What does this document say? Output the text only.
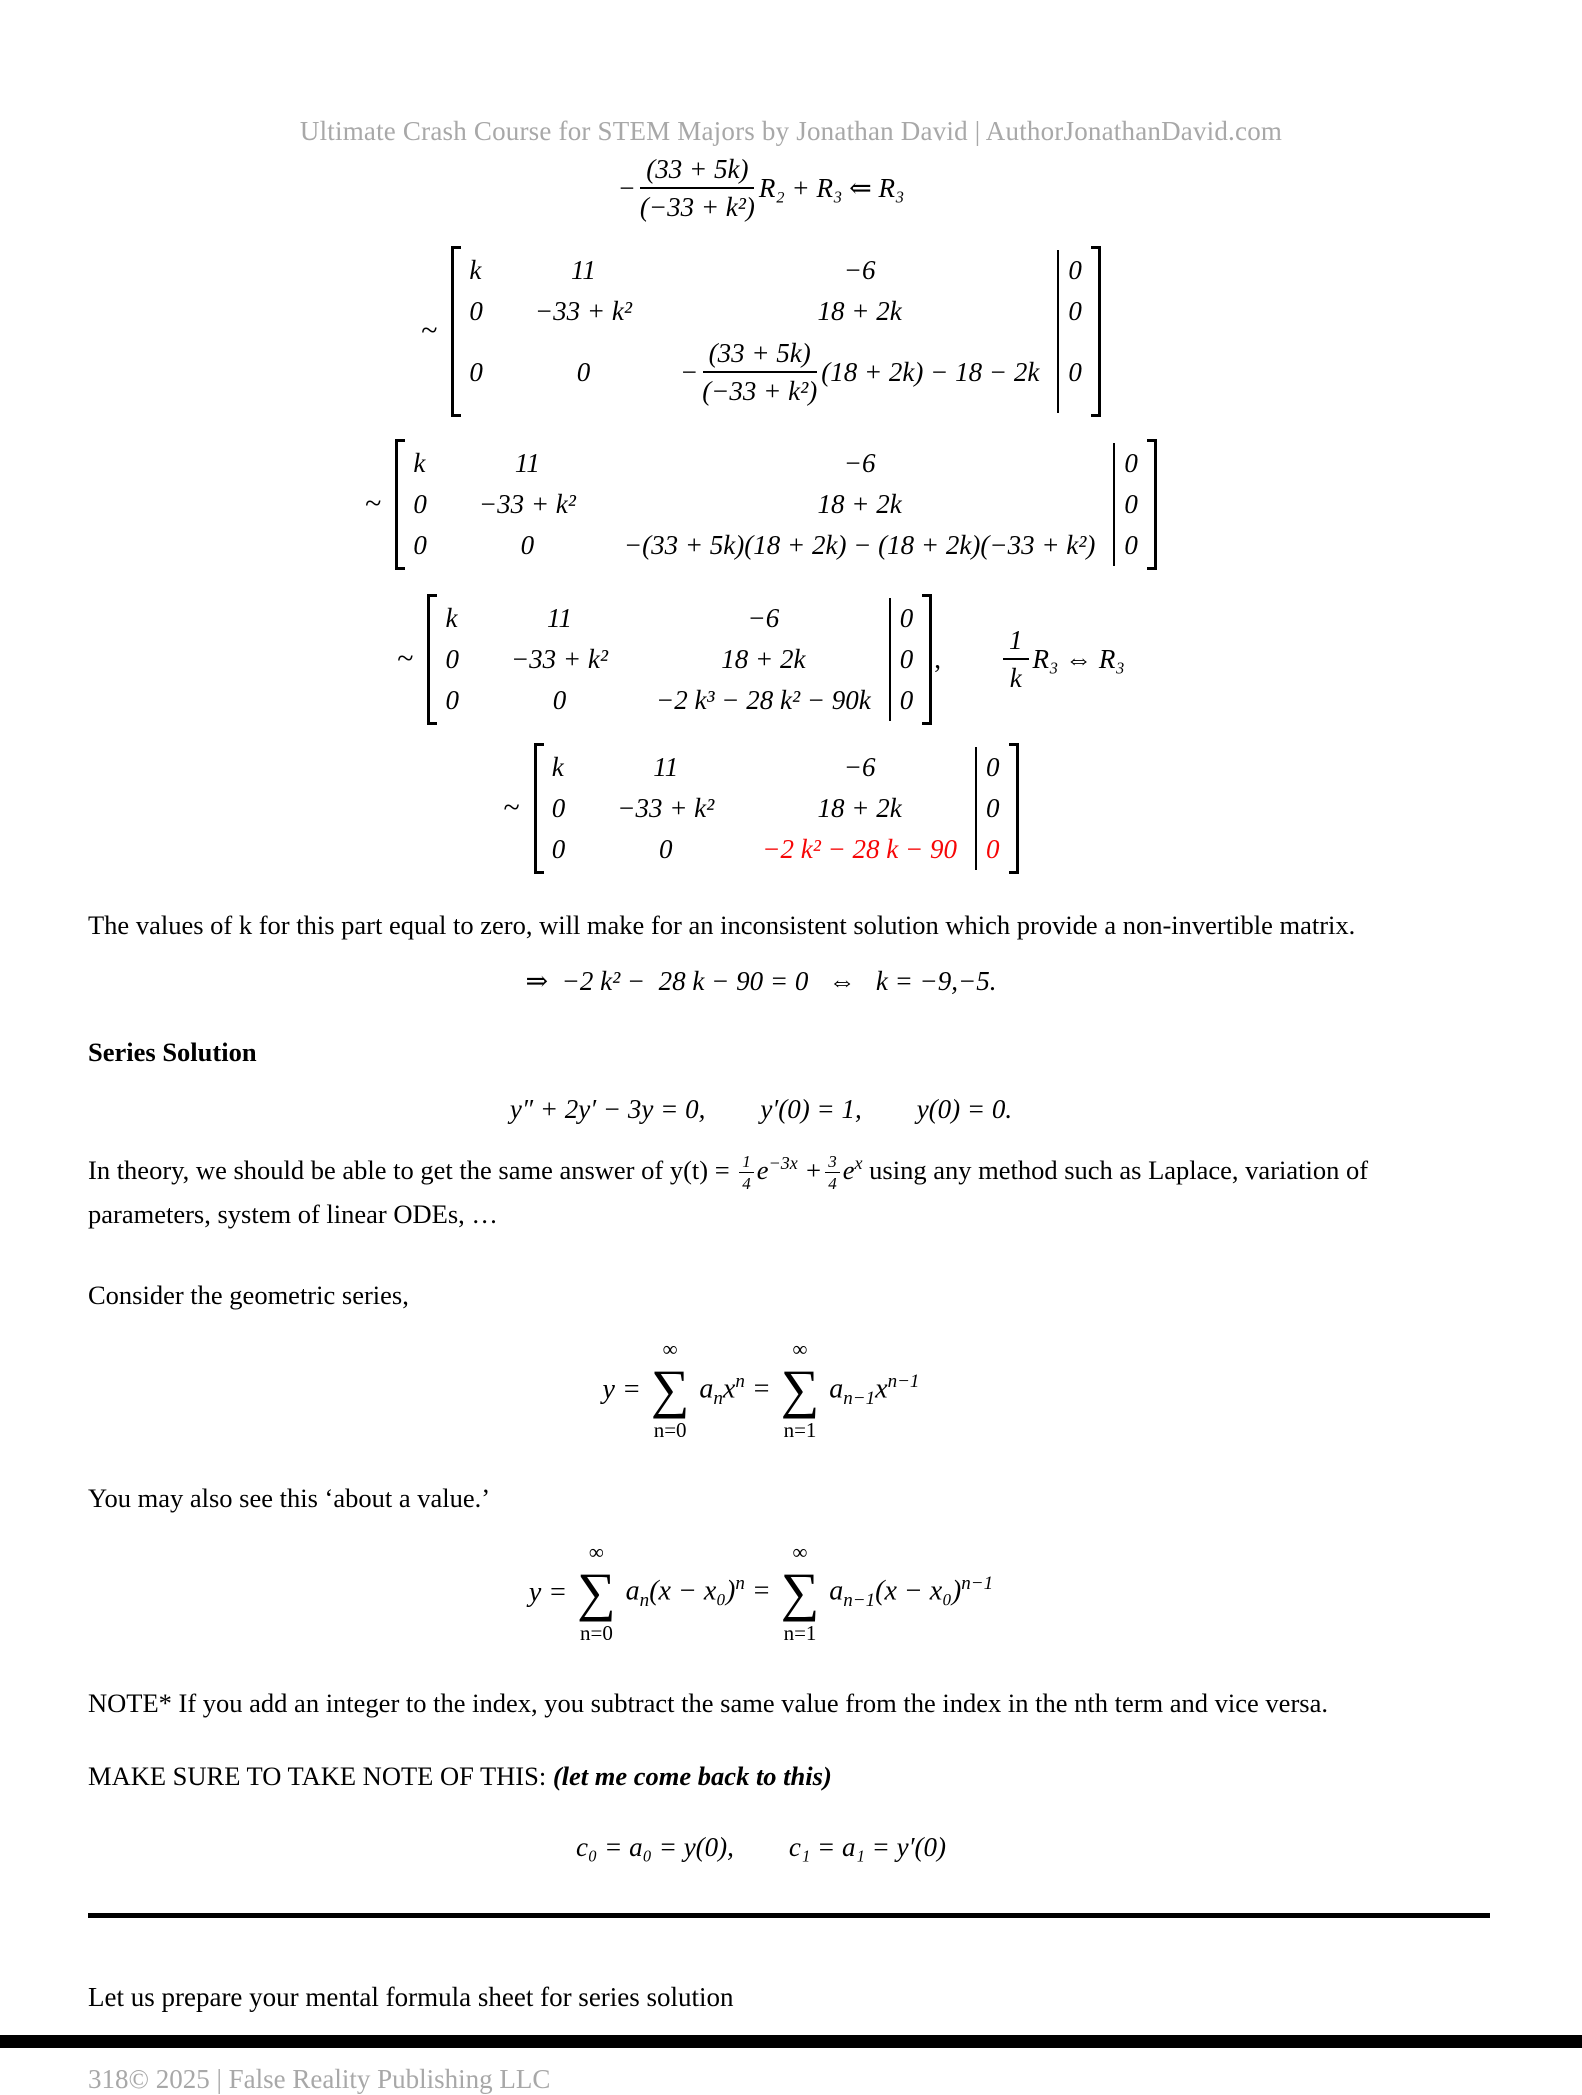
Ultimate Crash Course for STEM Majors by Jonathan David | AuthorJonathanDavid.com
− $\frac{(33 + 5k)}{\text{(−33 + k²)}} R_2 + R_3$ ⇐ R₃
~
k	11	−6	0
0	−33 + k²	18 + 2k	0
0	0	− $\frac{(33 + 5k)}{\text{(−33 + k²)}} (18 + 2k) - 18 - 2k$	0
~
k	11	−6	0
0	−33 + k²	18 + 2k	0
0	0	−(33 + 5k)(18 + 2k) − (18 + 2k)(−33 + k²)	0
~
k	11	−6	0
0	−33 + k²	18 + 2k	0
0	0	−2 k³ − 28 k² − 90k	0
, $\frac{1}{k} R_3$ ⇔ R₃
~
k	11	−6	0
0	−33 + k²	18 + 2k	0
0	0	−2 k² − 28 k − 90	0

The values of k for this part equal to zero, will make for an inconsistent solution which provide a non-invertible matrix.

⇒  −2 k² −  28 k − 90 = 0   ⇔   k = −9,−5.

Series Solution

y″ + 2y′ − 3y = 0, y′(0) = 1, y(0) = 0.

In theory, we should be able to get the same answer of $y(t) = \frac{1}{4} e^{-3x} + \frac{3}{4} e^x$ using any method such as Laplace, variation of parameters, system of linear ODEs, …

Consider the geometric series,

y =
∞
∑
n=0
$a_nx^n$ =
∞
∑
n=1
$a_{n-1}x^{n-1}$

You may also see this ‘about a value.’

y =
∞
∑
n=0
$a_n(x - x_0)^n$ =
∞
∑
n=1
$a_{n-1}(x - x_0)^{n-1}$

NOTE* If you add an integer to the index, you subtract the same value from the index in the nth term and vice versa.

MAKE SURE TO TAKE NOTE OF THIS: (let me come back to this)

c₀ = a₀ = y(0), c₁ = a₁ = y′(0)

Let us prepare your mental formula sheet for series solution

318© 2025 | False Reality Publishing LLC
